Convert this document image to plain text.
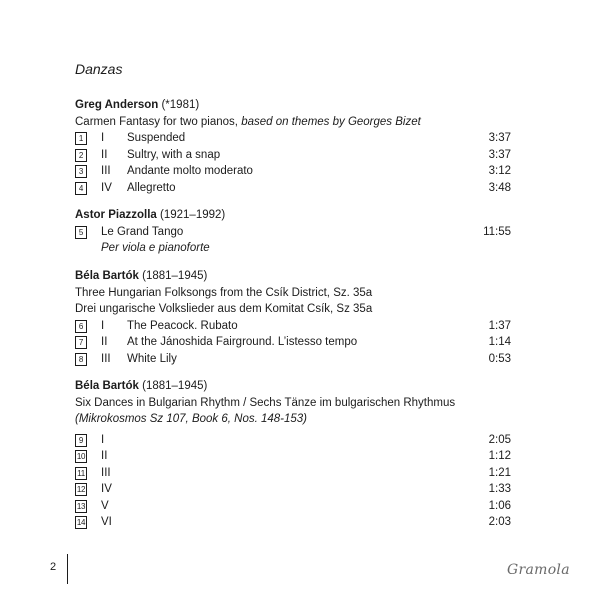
Danzas
Greg Anderson (*1981)
Carmen Fantasy for two pianos, based on themes by Georges Bizet
1	I Suspended	3:37
2	II Sultry, with a snap	3:37
3	III Andante molto moderato	3:12
4	IV Allegretto	3:48
Astor Piazzolla (1921–1992)
5	Le Grand Tango	11:55
Per viola e pianoforte
Béla Bartók (1881–1945)
Three Hungarian Folksongs from the Csík District, Sz. 35a
Drei ungarische Volkslieder aus dem Komitat Csík, Sz 35a
6	I The Peacock. Rubato	1:37
7	II At the Jánoshida Fairground. L’istesso tempo	1:14
8	III White Lily	0:53
Béla Bartók (1881–1945)
Six Dances in Bulgarian Rhythm / Sechs Tänze im bulgarischen Rhythmus
(Mikrokosmos Sz 107, Book 6, Nos. 148-153)
9	I	2:05
10 II	1:12
11 III	1:21
12 IV	1:33
13 V	1:06
14 VI	2:03
2	Gramola
